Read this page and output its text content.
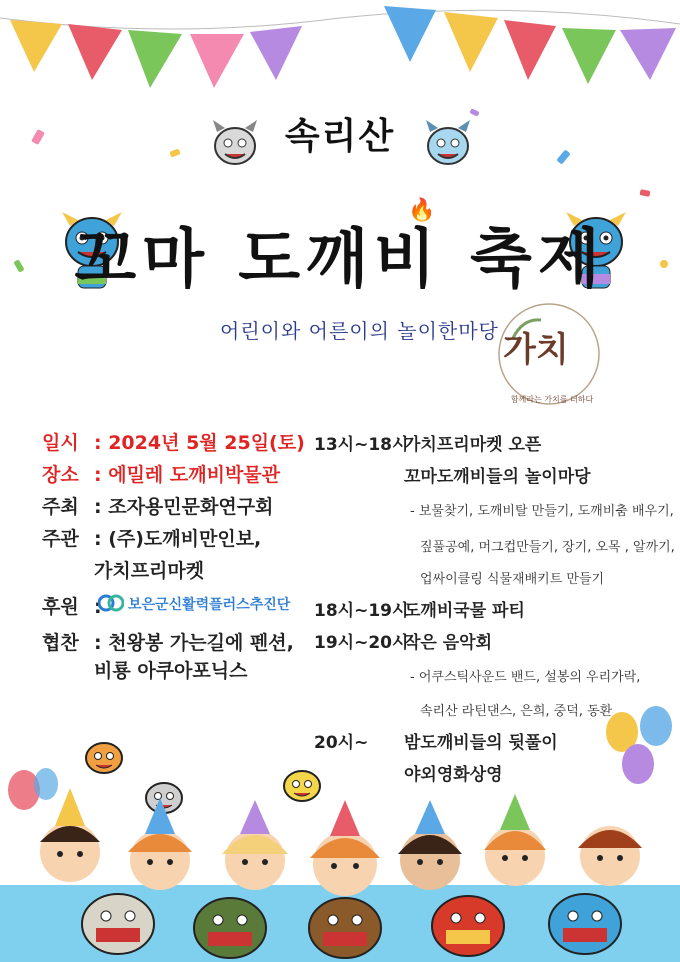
속리산
꼬마 도깨비 축제
🔥
어린이와 어른이의 놀이한마당 가치
함께라는 가치를 더하다
일시 : 2024년 5월 25일(토)
장소 : 에밀레 도깨비박물관
주최 : 조자용민문화연구회
주관 : (주)도깨비만인보,
가치프리마켓
후원 : 보은군신활력플러스추진단
협찬 : 천왕봉 가는길에 펜션,
비룡 아쿠아포닉스
13시~18시
가치프리마켓 오픈
꼬마도깨비들의 놀이마당
- 보물찾기, 도깨비탈 만들기, 도깨비춤 배우기,
짚풀공예, 머그컵만들기, 장기, 오목 , 알까기,
업싸이클링 식물재배키트 만들기
18시~19시
도깨비국물 파티
19시~20시
작은 음악회
- 어쿠스틱사운드 밴드, 설봉의 우리가락,
속리산 라틴댄스, 은희, 중덕, 동환
20시~ 밤도깨비들의 뒷풀이
야외영화상영
